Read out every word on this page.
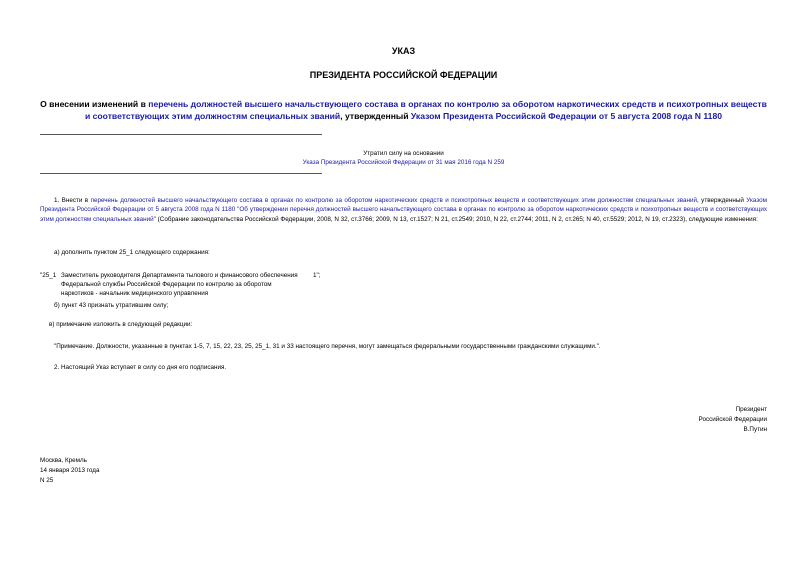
УКАЗ
ПРЕЗИДЕНТА РОССИЙСКОЙ ФЕДЕРАЦИИ
О внесении изменений в перечень должностей высшего начальствующего состава в органах по контролю за оборотом наркотических средств и психотропных веществ и соответствующих этим должностям специальных званий, утвержденный Указом Президента Российской Федерации от 5 августа 2008 года N 1180
Утратил силу на основании
Указа Президента Российской Федерации от 31 мая 2016 года N 259
1. Внести в перечень должностей высшего начальствующего состава в органах по контролю за оборотом наркотических средств и психотропных веществ и соответствующих этим должностям специальных званий, утвержденный Указом Президента Российской Федерации от 5 августа 2008 года N 1180 "Об утверждении перечня должностей высшего начальствующего состава в органах по контролю за оборотом наркотических средств и психотропных веществ и соответствующих этим должностям специальных званий" (Собрание законодательства Российской Федерации, 2008, N 32, ст.3766; 2009, N 13, ст.1527; N 21, ст.2549; 2010, N 22, ст.2744; 2011, N 2, ст.265; N 40, ст.5529; 2012, N 19, ст.2323), следующие изменения:
а) дополнить пунктом 25_1 следующего содержания:
"25_1 Заместитель руководителя Департамента тылового и финансового обеспечения 1";
Федеральной службы Российской Федерации по контролю за оборотом
наркотиков - начальник медицинского управления
б) пункт 43 признать утратившим силу;
в) примечание изложить в следующей редакции:
"Примечание. Должности, указанные в пунктах 1-5, 7, 15, 22, 23, 25, 25_1, 31 и 33 настоящего перечня, могут замещаться федеральными государственными гражданскими служащими.".
2. Настоящий Указ вступает в силу со дня его подписания.
Президент
Российской Федерации
В.Путин
Москва, Кремль
14 января 2013 года
N 25
